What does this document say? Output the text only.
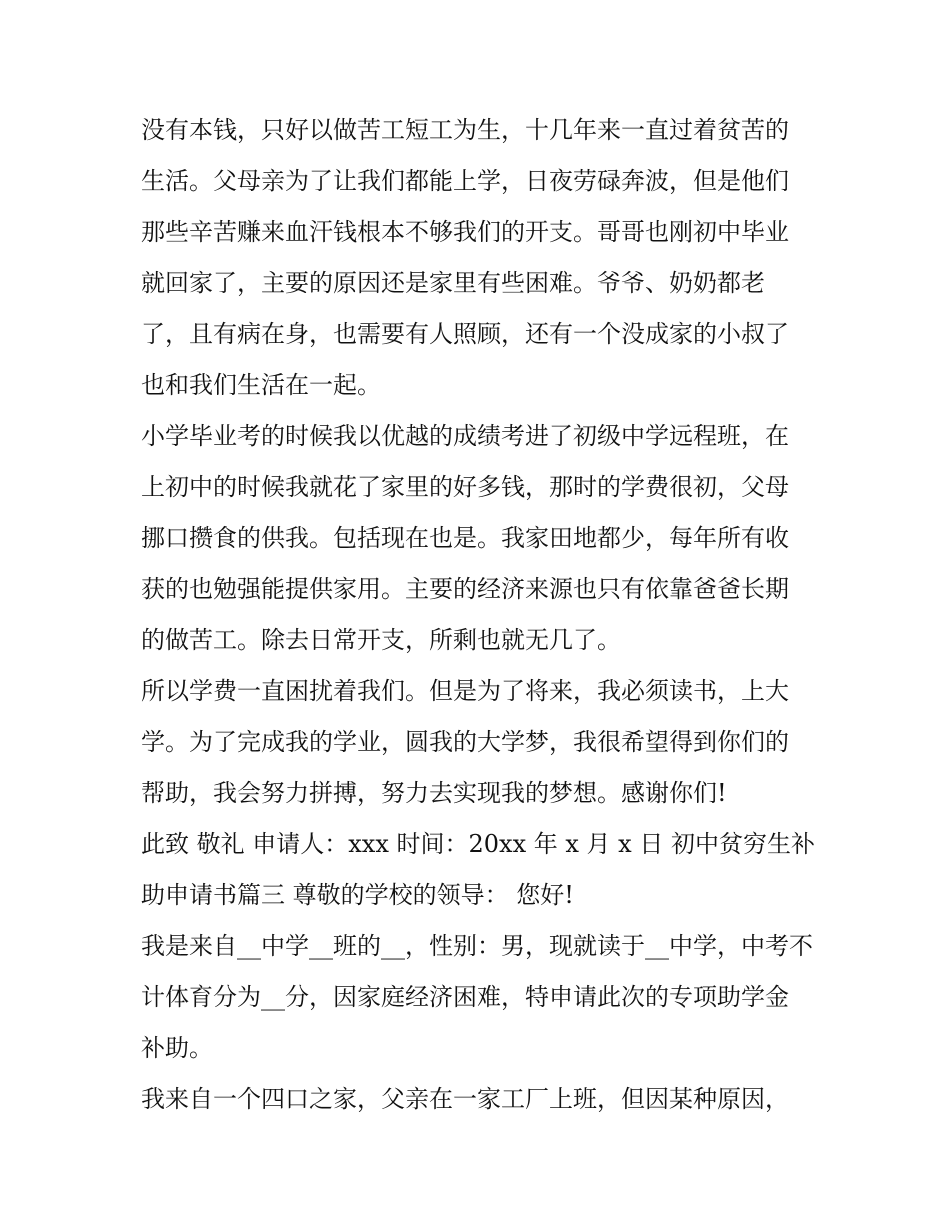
没有本钱，只好以做苦工短工为生，十几年来一直过着贫苦的
生活。父母亲为了让我们都能上学，日夜劳碌奔波，但是他们
那些辛苦赚来血汗钱根本不够我们的开支。哥哥也刚初中毕业
就回家了，主要的原因还是家里有些困难。爷爷、奶奶都老
了，且有病在身，也需要有人照顾，还有一个没成家的小叔了
也和我们生活在一起。
小学毕业考的时候我以优越的成绩考进了初级中学远程班，在
上初中的时候我就花了家里的好多钱，那时的学费很初，父母
挪口攒食的供我。包括现在也是。我家田地都少，每年所有收
获的也勉强能提供家用。主要的经济来源也只有依靠爸爸长期
的做苦工。除去日常开支，所剩也就无几了。
所以学费一直困扰着我们。但是为了将来，我必须读书，上大
学。为了完成我的学业，圆我的大学梦，我很希望得到你们的
帮助，我会努力拼搏，努力去实现我的梦想。感谢你们!
此致 敬礼 申请人：xxx 时间：20xx 年 x 月 x 日 初中贫穷生补
助申请书篇三 尊敬的学校的领导： 您好!
我是来自__中学__班的__，性别：男，现就读于__中学，中考不
计体育分为__分，因家庭经济困难，特申请此次的专项助学金
补助。
我来自一个四口之家，父亲在一家工厂上班，但因某种原因，
